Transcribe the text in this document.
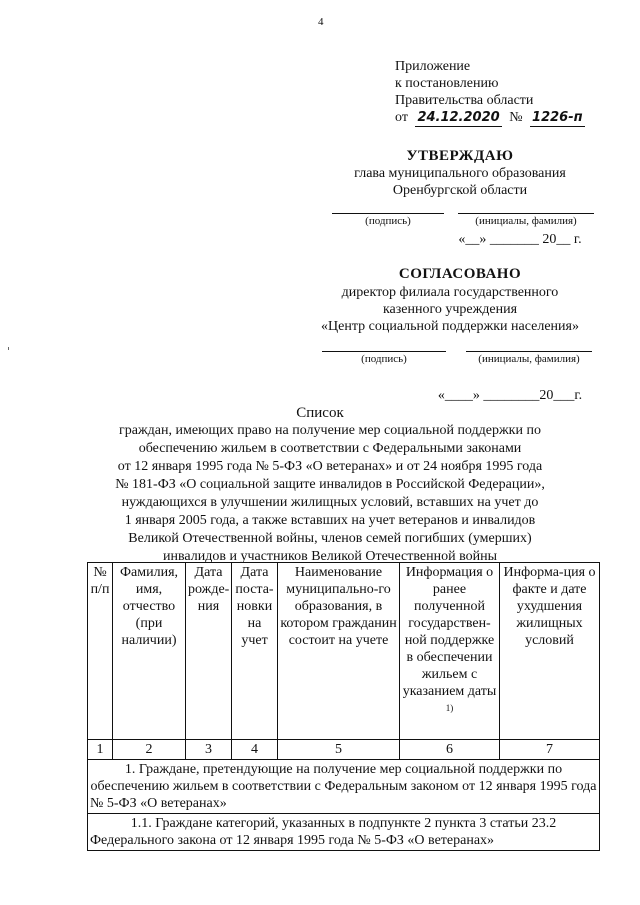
4
Приложение
к постановлению
Правительства области
от 24.12.2020 № 1226-п
УТВЕРЖДАЮ
глава муниципального образования
Оренбургской области
(подпись)	(инициалы, фамилия)
«__» _______ 20__ г.
СОГЛАСОВАНО
директор филиала государственного
казенного учреждения
«Центр социальной поддержки населения»
(подпись)	(инициалы, фамилия)
«____» ________20___г.
Список
граждан, имеющих право на получение мер социальной поддержки по
обеспечению жильем в соответствии с Федеральными законами
от 12 января 1995 года № 5-ФЗ «О ветеранах» и от 24 ноября 1995 года
№ 181-ФЗ «О социальной защите инвалидов в Российской Федерации»,
нуждающихся в улучшении жилищных условий, вставших на учет до
1 января 2005 года, а также вставших на учет ветеранов и инвалидов
Великой Отечественной войны, членов семей погибших (умерших)
инвалидов и участников Великой Отечественной войны
№ п/п	Фамилия, имя, отчество (при наличии)	Дата рожде-ния	Дата поста-новки на учет	Наименование муниципально-го образования, в котором гражданин состоит на учете	Информация о ранее полученной государствен-ной поддержке в обеспечении жильем с указанием даты $^{1)}$	Информа-ция о факте и дате ухудшения жилищных условий
1	2	3	4	5	6	7
1. Граждане, претендующие на получение мер социальной поддержки по обеспечению жильем в соответствии с Федеральным законом от 12 января 1995 года № 5-ФЗ «О ветеранах»						
1.1. Граждане категорий, указанных в подпункте 2 пункта 3 статьи 23.2 Федерального закона от 12 января 1995 года № 5-ФЗ «О ветеранах»						
